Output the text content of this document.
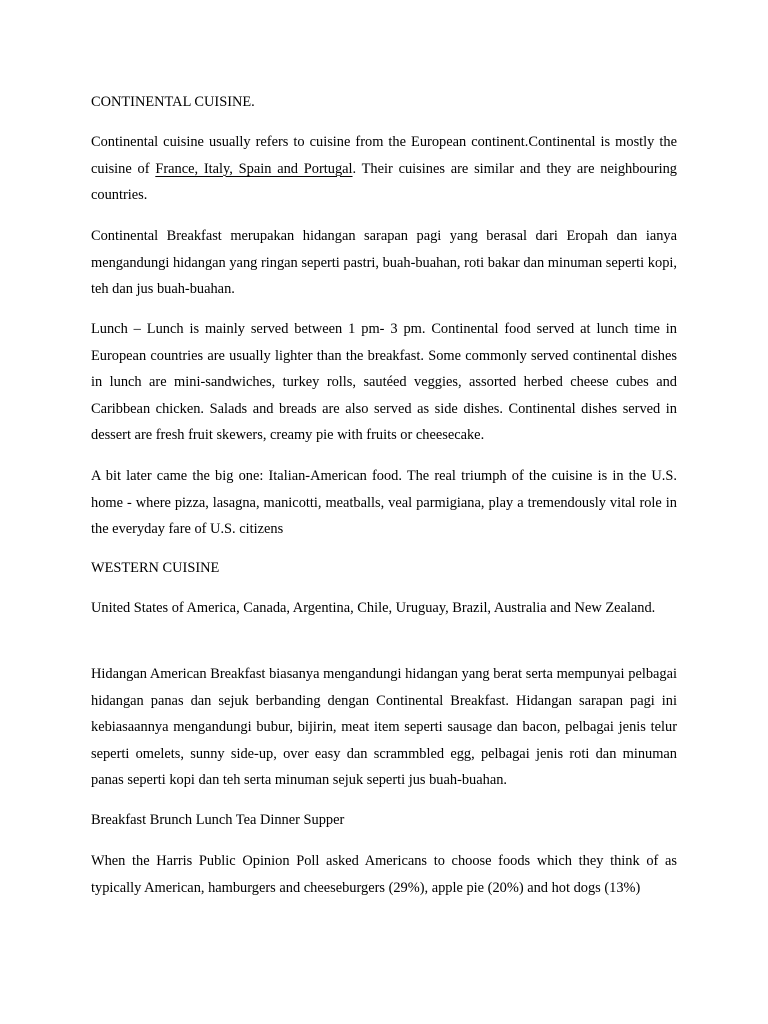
CONTINENTAL CUISINE.

Continental cuisine usually refers to cuisine from the European continent.Continental is mostly the cuisine of France, Italy, Spain and Portugal. Their cuisines are similar and they are neighbouring countries.

Continental Breakfast merupakan hidangan sarapan pagi yang berasal dari Eropah dan ianya mengandungi hidangan yang ringan seperti pastri, buah-buahan, roti bakar dan minuman seperti kopi, teh dan jus buah-buahan.

Lunch – Lunch is mainly served between 1 pm- 3 pm. Continental food served at lunch time in European countries are usually lighter than the breakfast. Some commonly served continental dishes in lunch are mini-sandwiches, turkey rolls, sautéed veggies, assorted herbed cheese cubes and Caribbean chicken. Salads and breads are also served as side dishes. Continental dishes served in dessert are fresh fruit skewers, creamy pie with fruits or cheesecake.

A bit later came the big one: Italian-American food. The real triumph of the cuisine is in the U.S. home - where pizza, lasagna, manicotti, meatballs, veal parmigiana, play a tremendously vital role in the everyday fare of U.S. citizens

WESTERN CUISINE

United States of America, Canada, Argentina, Chile, Uruguay, Brazil, Australia and New Zealand.

Hidangan American Breakfast biasanya mengandungi hidangan yang berat serta mempunyai pelbagai hidangan panas dan sejuk berbanding dengan Continental Breakfast. Hidangan sarapan pagi ini kebiasaannya mengandungi bubur, bijirin, meat item seperti sausage dan bacon, pelbagai jenis telur seperti omelets, sunny side-up, over easy dan scrammbled egg, pelbagai jenis roti dan minuman panas seperti kopi dan teh serta minuman sejuk seperti jus buah-buahan.

Breakfast Brunch Lunch Tea Dinner Supper

When the Harris Public Opinion Poll asked Americans to choose foods which they think of as typically American, hamburgers and cheeseburgers (29%), apple pie (20%) and hot dogs (13%)
